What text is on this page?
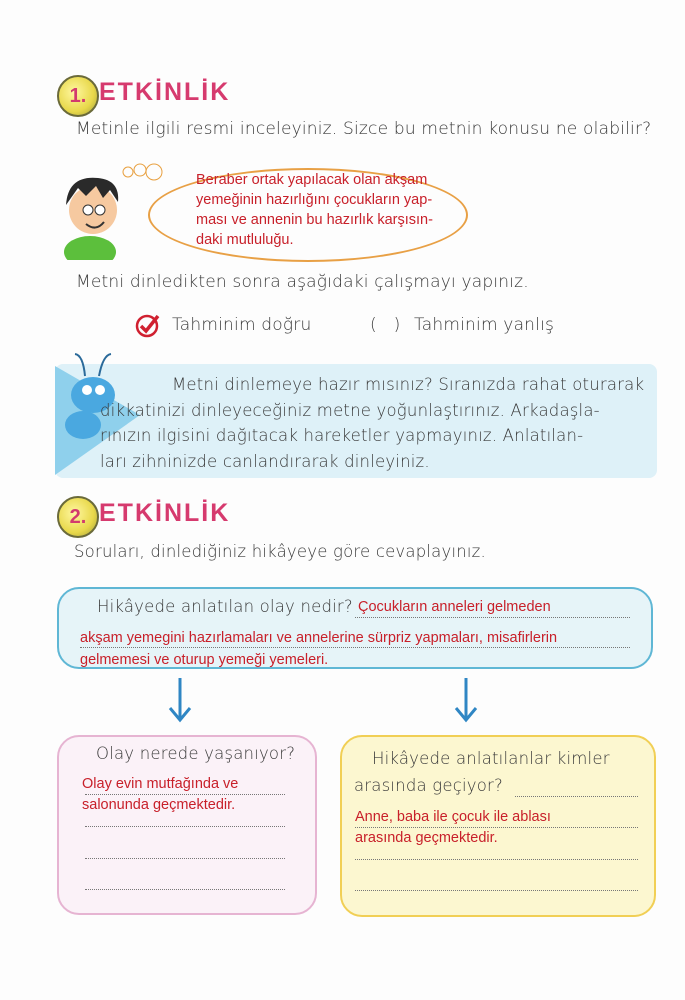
1. ETKİNLİK
Metinle ilgili resmi inceleyiniz. Sizce bu metnin konusu ne olabilir?
Beraber ortak yapılacak olan akşam
yemeğinin hazırlığını çocukların yap-
ması ve annenin bu hazırlık karşısın-
daki mutluluğu.
Metni dinledikten sonra aşağıdaki çalışmayı yapınız.
Tahminim doğru	(   ) Tahminim yanlış
Metni dinlemeye hazır mısınız? Sıranızda rahat oturarak
dikkatinizi dinleyeceğiniz metne yoğunlaştırınız. Arkadaşla-
rınızın ilgisini dağıtacak hareketler yapmayınız. Anlatılan-
ları zihninizde canlandırarak dinleyiniz.
2. ETKİNLİK
Soruları, dinlediğiniz hikâyeye göre cevaplayınız.
Hikâyede anlatılan olay nedir? Çocukların anneleri gelmeden
akşam yemegini hazırlamaları ve annelerine sürpriz yapmaları, misafirlerin
gelmemesi ve oturup yemeği yemeleri.
Olay nerede yaşanıyor?
Olay evin mutfağında ve
salonunda geçmektedir.
Hikâyede anlatılanlar kimler
arasında geçiyor?
Anne, baba ile çocuk ile ablası
arasında geçmektedir.
